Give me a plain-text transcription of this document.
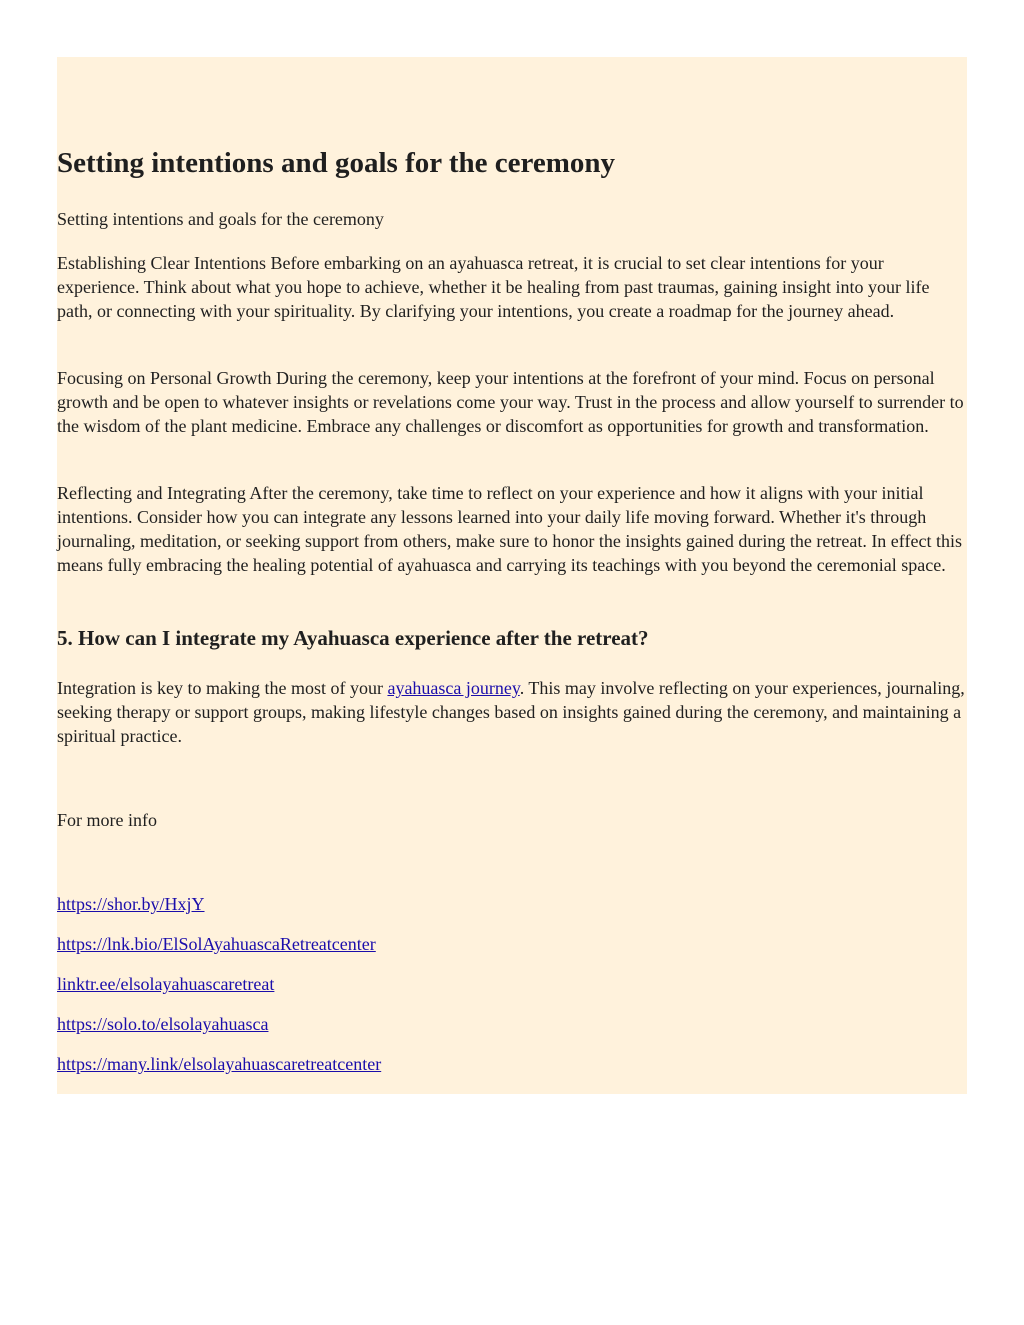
Setting intentions and goals for the ceremony

Setting intentions and goals for the ceremony

Establishing Clear Intentions Before embarking on an ayahuasca retreat, it is crucial to set clear intentions for your experience. Think about what you hope to achieve, whether it be healing from past traumas, gaining insight into your life path, or connecting with your spirituality. By clarifying your intentions, you create a roadmap for the journey ahead.

Focusing on Personal Growth During the ceremony, keep your intentions at the forefront of your mind. Focus on personal growth and be open to whatever insights or revelations come your way. Trust in the process and allow yourself to surrender to the wisdom of the plant medicine. Embrace any challenges or discomfort as opportunities for growth and transformation.

Reflecting and Integrating After the ceremony, take time to reflect on your experience and how it aligns with your initial intentions. Consider how you can integrate any lessons learned into your daily life moving forward. Whether it's through journaling, meditation, or seeking support from others, make sure to honor the insights gained during the retreat. In effect this means fully embracing the healing potential of ayahuasca and carrying its teachings with you beyond the ceremonial space.

5. How can I integrate my Ayahuasca experience after the retreat?

Integration is key to making the most of your ayahuasca journey. This may involve reflecting on your experiences, journaling, seeking therapy or support groups, making lifestyle changes based on insights gained during the ceremony, and maintaining a spiritual practice.

For more info

https://shor.by/HxjY
https://lnk.bio/ElSolAyahuascaRetreatcenter
linktr.ee/elsolayahuascaretreat
https://solo.to/elsolayahuasca
https://many.link/elsolayahuascaretreatcenter
